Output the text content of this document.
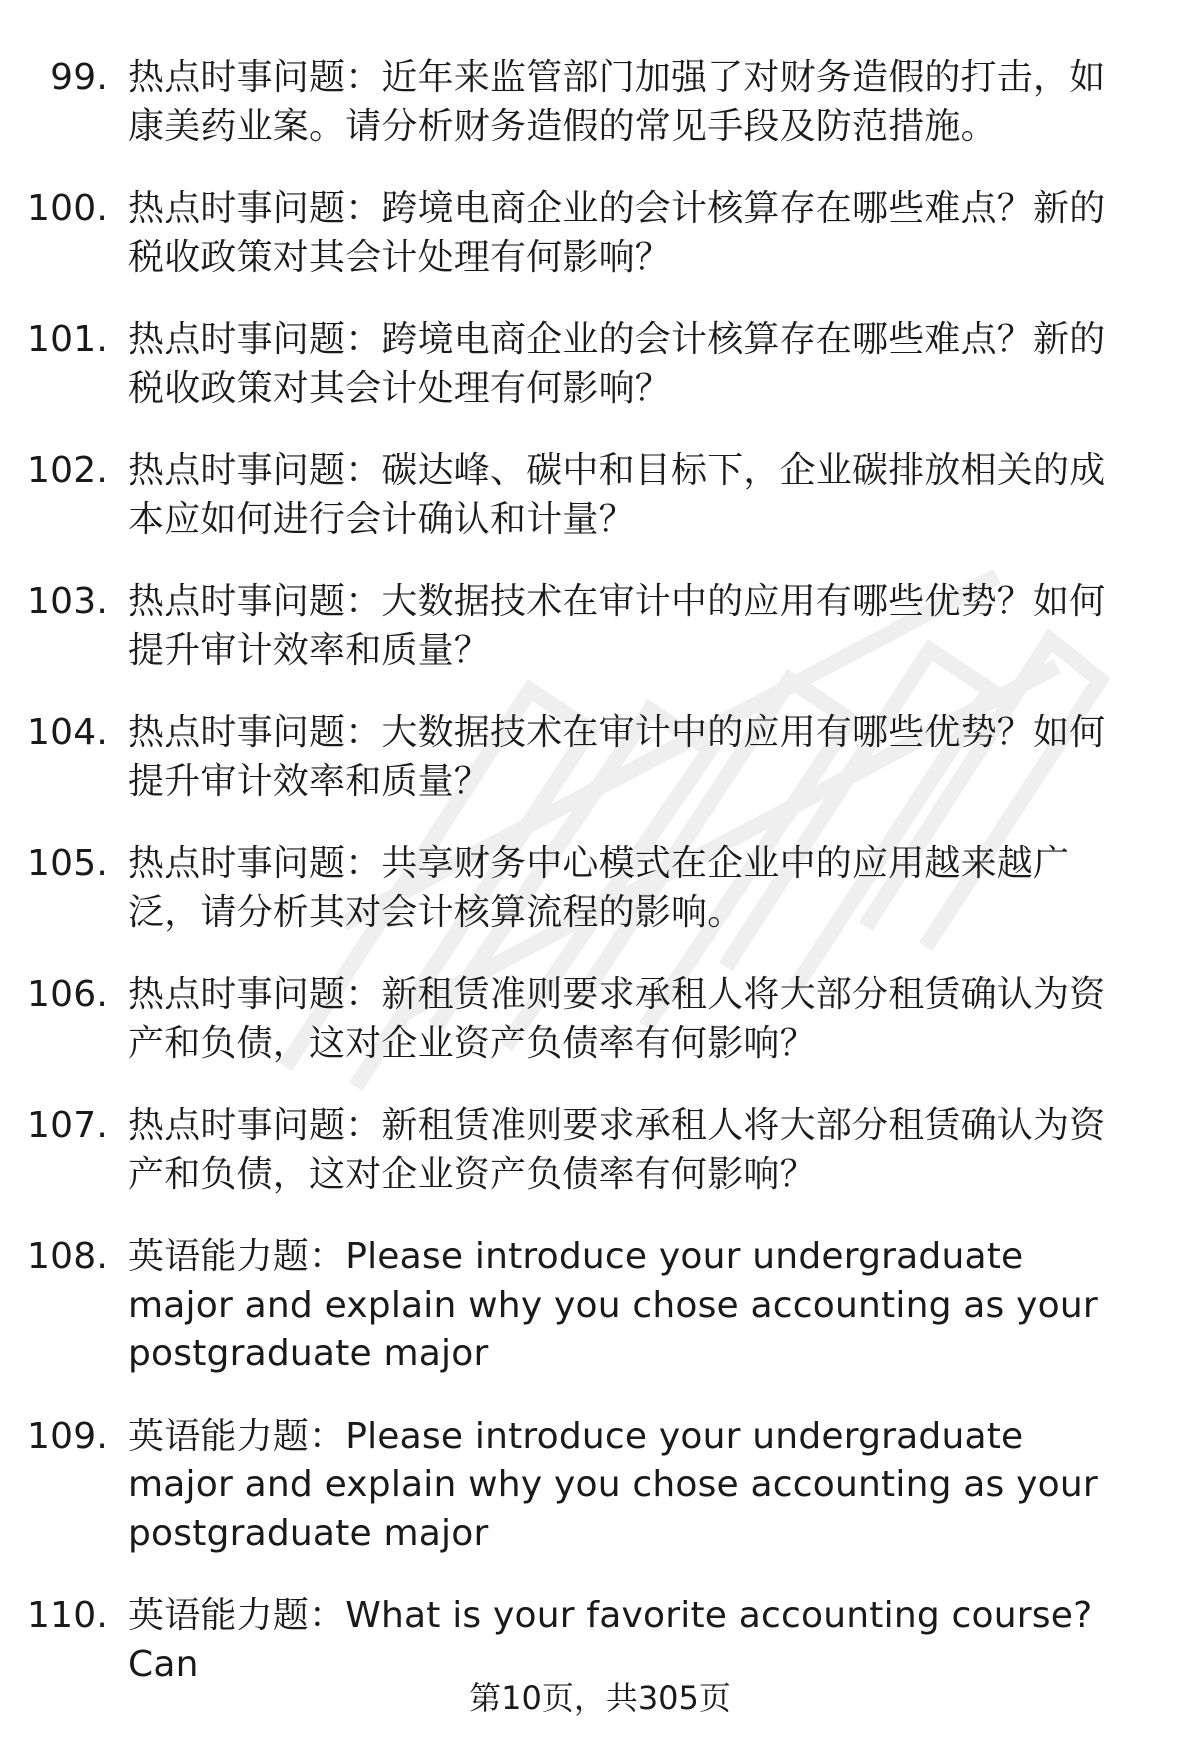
99. 热点时事问题：近年来监管部门加强了对财务造假的打击，如康美药业案。请分析财务造假的常见手段及防范措施。
100. 热点时事问题：跨境电商企业的会计核算存在哪些难点？新的税收政策对其会计处理有何影响？
101. 热点时事问题：跨境电商企业的会计核算存在哪些难点？新的税收政策对其会计处理有何影响？
102. 热点时事问题：碳达峰、碳中和目标下，企业碳排放相关的成本应如何进行会计确认和计量？
103. 热点时事问题：大数据技术在审计中的应用有哪些优势？如何提升审计效率和质量？
104. 热点时事问题：大数据技术在审计中的应用有哪些优势？如何提升审计效率和质量？
105. 热点时事问题：共享财务中心模式在企业中的应用越来越广泛，请分析其对会计核算流程的影响。
106. 热点时事问题：新租赁准则要求承租人将大部分租赁确认为资产和负债，这对企业资产负债率有何影响？
107. 热点时事问题：新租赁准则要求承租人将大部分租赁确认为资产和负债，这对企业资产负债率有何影响？
108. 英语能力题：Please introduce your undergraduate major and explain why you chose accounting as your postgraduate major
109. 英语能力题：Please introduce your undergraduate major and explain why you chose accounting as your postgraduate major
110. 英语能力题：What is your favorite accounting course? Can
第10页，共305页
